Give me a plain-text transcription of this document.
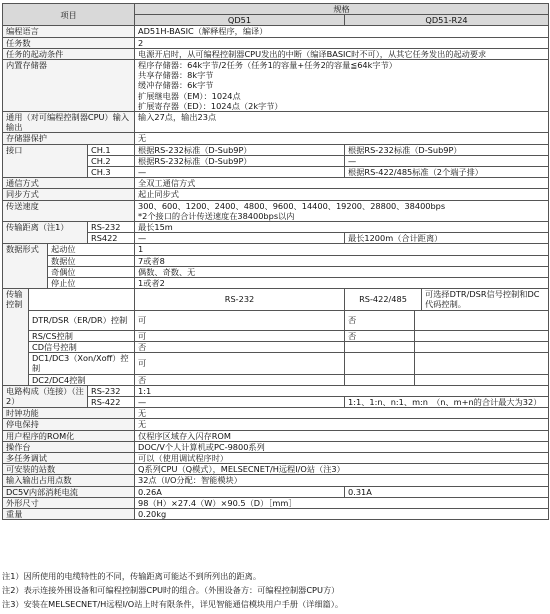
项目	规格
QD51	QD51-R24
编程语言	AD51H-BASIC（解释程序，编译）
任务数	2
任务的起动条件	电源开启时，从可编程控制器CPU发出的中断（编译BASIC时不可），从其它任务发出的起动要求
内置存储器	程序存储器：64k字节/2任务（任务1的容量+任务2的容量≦64k字节）
共享存储器：8k字节
缓冲存储器：6k字节
扩展继电器（EM）：1024点
扩展寄存器（ED）：1024点（2k字节）

通用（对可编程控制器CPU）输入输出	输入27点，输出23点
存储器保护	无
接口	CH.1	根据RS-232标准（D-Sub9P）	根据RS-232标准（D-Sub9P）
CH.2	根据RS-232标准（D-Sub9P）	—
CH.3	—	根据RS-422/485标准（2个端子排）
通信方式	全双工通信方式
同步方式	起止同步式
传送速度	300、600、1200、2400、4800、9600、14400、19200、28800、38400bps
*2个接口的合计传送速度在38400bps以内

传输距离（注1）	RS-232	最长15m
RS422	—	最长1200m（合计距离）
数据形式	起动位	1
数据位	7或者8
奇偶位	偶数、奇数、无
停止位	1或者2
传输控制		RS-232		RS-422/485	可选择DTR/DSR信号控制和DC代码控制。

DTR/DSR（ER/DR）控制	可	否	
RS/CS控制	可	否	
CD信号控制	否		
DC1/DC3（Xon/Xoff）控制	可		
DC2/DC4控制	否		
电路构成（连接）（注2）	RS-232	1:1
RS-422	—	1:1、1:n、n:1、m:n　（n、m+n的合计最大为32）
时钟功能	无
停电保持	无
用户程序的ROM化	仅程序区域存入闪存ROM
操作台	DOC/V个人计算机或PC-9800系列
多任务调试	可以（使用调试程序时）
可安装的站数	Q系列CPU（Q模式），MELSECNET/H远程I/O站（注3）
输入输出占用点数	32点（I/O分配：智能模块）
DC5V内部消耗电流	0.26A	0.31A
外形尺寸	98（H）×27.4（W）×90.5（D）［mm］
重量	0.20kg
注1）因所使用的电缆特性的不同，传输距离可能达不到所列出的距离。
注2）表示连接外围设备和可编程控制器CPU时的组合。（外围设备方：可编程控制器CPU方）
注3）安装在MELSECNET/H远程I/O站上时有限条件，详见智能通信模块用户手册（详细篇）。
